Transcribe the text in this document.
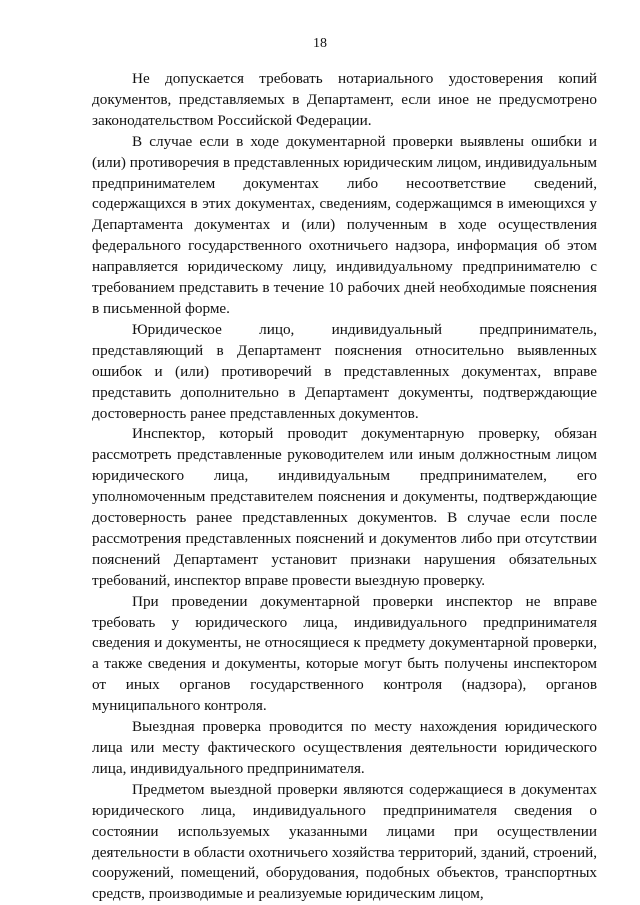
18

Не допускается требовать нотариального удостоверения копий документов, представляемых в Департамент, если иное не предусмотрено законодательством Российской Федерации.

В случае если в ходе документарной проверки выявлены ошибки и (или) противоречия в представленных юридическим лицом, индивидуальным предпринимателем документах либо несоответствие сведений, содержащихся в этих документах, сведениям, содержащимся в имеющихся у Департамента документах и (или) полученным в ходе осуществления федерального государственного охотничьего надзора, информация об этом направляется юридическому лицу, индивидуальному предпринимателю с требованием представить в течение 10 рабочих дней необходимые пояснения в письменной форме.

Юридическое лицо, индивидуальный предприниматель, представляющий в Департамент пояснения относительно выявленных ошибок и (или) противоречий в представленных документах, вправе представить дополнительно в Департамент документы, подтверждающие достоверность ранее представленных документов.

Инспектор, который проводит документарную проверку, обязан рассмотреть представленные руководителем или иным должностным лицом юридического лица, индивидуальным предпринимателем, его уполномоченным представителем пояснения и документы, подтверждающие достоверность ранее представленных документов. В случае если после рассмотрения представленных пояснений и документов либо при отсутствии пояснений Департамент установит признаки нарушения обязательных требований, инспектор вправе провести выездную проверку.

При проведении документарной проверки инспектор не вправе требовать у юридического лица, индивидуального предпринимателя сведения и документы, не относящиеся к предмету документарной проверки, а также сведения и документы, которые могут быть получены инспектором от иных органов государственного контроля (надзора), органов муниципального контроля.

Выездная проверка проводится по месту нахождения юридического лица или месту фактического осуществления деятельности юридического лица, индивидуального предпринимателя.

Предметом выездной проверки являются содержащиеся в документах юридического лица, индивидуального предпринимателя сведения о состоянии используемых указанными лицами при осуществлении деятельности в области охотничьего хозяйства территорий, зданий, строений, сооружений, помещений, оборудования, подобных объектов, транспортных средств, производимые и реализуемые юридическим лицом,
